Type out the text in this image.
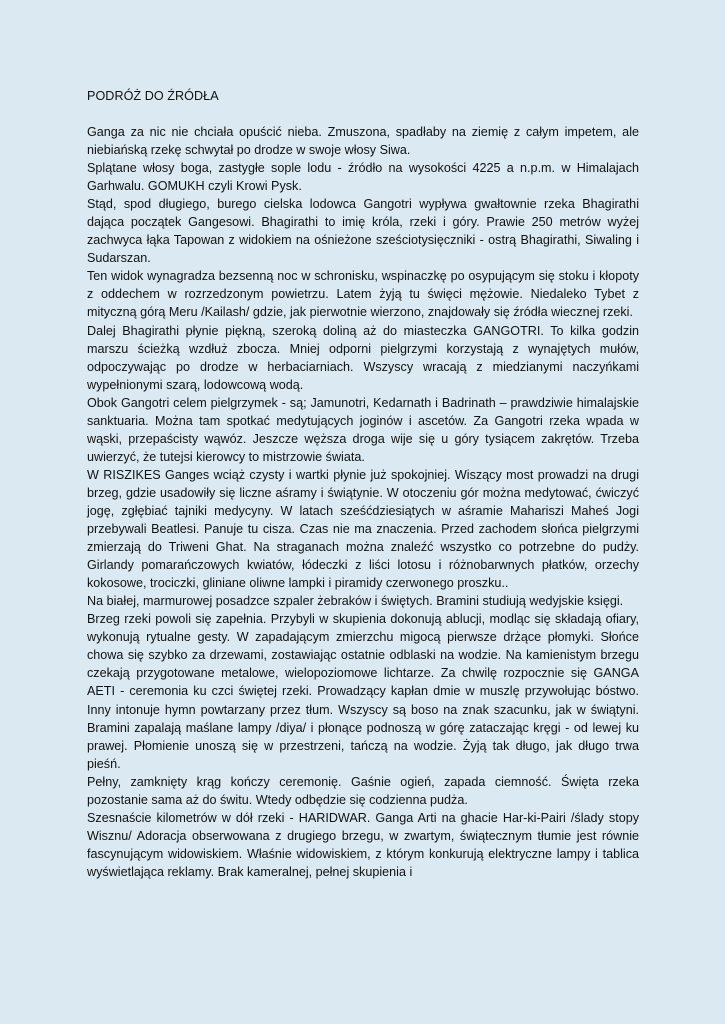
PODRÓŻ DO ŹRÓDŁA

Ganga za nic nie chciała opuścić nieba. Zmuszona, spadłaby na ziemię z całym impetem, ale niebiańską rzekę schwytał po drodze w swoje włosy Siwa.

Splątane włosy boga, zastygłe sople lodu - źródło na wysokości 4225 a n.p.m. w Himalajach Garhwalu. GOMUKH czyli Krowi Pysk.

Stąd, spod długiego, burego cielska lodowca Gangotri wypływa gwałtownie rzeka Bhagirathi dająca początek Gangesowi. Bhagirathi to imię króla, rzeki i góry. Prawie 250 metrów wyżej zachwyca łąka Tapowan z widokiem na ośnieżone sześciotysięczniki - ostrą Bhagirathi, Siwaling i Sudarszan.

Ten widok wynagradza bezsenną noc w schronisku, wspinaczkę po osypującym się stoku i kłopoty z oddechem w rozrzedzonym powietrzu. Latem żyją tu święci mężowie. Niedaleko Tybet z mityczną górą Meru /Kailash/ gdzie, jak pierwotnie wierzono, znajdowały się źródła wiecznej rzeki.

Dalej Bhagirathi płynie piękną, szeroką doliną aż do miasteczka GANGOTRI. To kilka godzin marszu ścieżką wzdłuż zbocza. Mniej odporni pielgrzymi korzystają z wynajętych mułów, odpoczywając po drodze w herbaciarniach. Wszyscy wracają z miedzianymi naczyńkami wypełnionymi szarą, lodowcową wodą.

Obok Gangotri celem pielgrzymek - są; Jamunotri, Kedarnath i Badrinath – prawdziwie himalajskie sanktuaria. Można tam spotkać medytujących joginów i ascetów. Za Gangotri rzeka wpada w wąski, przepaścisty wąwóz. Jeszcze węższa droga wije się u góry tysiącem zakrętów. Trzeba uwierzyć, że tutejsi kierowcy to mistrzowie świata.

W RISZIKES Ganges wciąż czysty i wartki płynie już spokojniej. Wiszący most prowadzi na drugi brzeg, gdzie usadowiły się liczne aśramy i świątynie. W otoczeniu gór można medytować, ćwiczyć jogę, zgłębiać tajniki medycyny. W latach sześćdziesiątych w aśramie Mahariszi Maheś Jogi przebywali Beatlesi. Panuje tu cisza. Czas nie ma znaczenia. Przed zachodem słońca pielgrzymi zmierzają do Triweni Ghat. Na straganach można znaleźć wszystko co potrzebne do pudży. Girlandy pomarańczowych kwiatów, łódeczki z liści lotosu i różnobarwnych płatków, orzechy kokosowe, trociczki, gliniane oliwne lampki i piramidy czerwonego proszku..

Na białej, marmurowej posadzce szpaler żebraków i świętych. Bramini studiują wedyjskie księgi.

Brzeg rzeki powoli się zapełnia. Przybyli w skupienia dokonują ablucji, modląc się składają ofiary, wykonują rytualne gesty. W zapadającym zmierzchu migocą pierwsze drżące płomyki. Słońce chowa się szybko za drzewami, zostawiając ostatnie odblaski na wodzie. Na kamienistym brzegu czekają przygotowane metalowe, wielopoziomowe lichtarze. Za chwilę rozpocznie się GANGA AETI - ceremonia ku czci świętej rzeki. Prowadzący kapłan dmie w muszlę przywołując bóstwo. Inny intonuje hymn powtarzany przez tłum. Wszyscy są boso na znak szacunku, jak w świątyni. Bramini zapalają maślane lampy /diya/ i płonące podnoszą w górę zataczając kręgi - od lewej ku prawej. Płomienie unoszą się w przestrzeni, tańczą na wodzie. Żyją tak długo, jak długo trwa pieśń.

Pełny, zamknięty krąg kończy ceremonię. Gaśnie ogień, zapada ciemność. Święta rzeka pozostanie sama aż do świtu. Wtedy odbędzie się codzienna pudża.

Szesnaście kilometrów w dół rzeki - HARIDWAR. Ganga Arti na ghacie Har-ki-Pairi /ślady stopy Wisznu/ Adoracja obserwowana z drugiego brzegu, w zwartym, świątecznym tłumie jest równie fascynującym widowiskiem. Właśnie widowiskiem, z którym konkurują elektryczne lampy i tablica wyświetlająca reklamy. Brak kameralnej, pełnej skupienia i
